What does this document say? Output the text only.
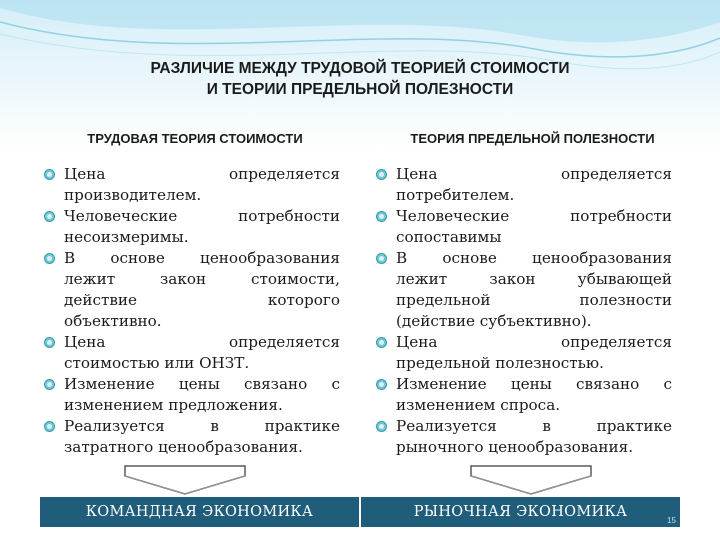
РАЗЛИЧИЕ МЕЖДУ ТРУДОВОЙ ТЕОРИЕЙ СТОИМОСТИ
И ТЕОРИИ ПРЕДЕЛЬНОЙ ПОЛЕЗНОСТИ
ТРУДОВАЯ ТЕОРИЯ СТОИМОСТИ	ТЕОРИЯ ПРЕДЕЛЬНОЙ ПОЛЕЗНОСТИ
Цена определяется
производителем.
Человеческие потребности
несоизмеримы.
В основе ценообразования
лежит закон стоимости,
действие которого
объективно.
Цена определяется
стоимостью или ОНЗТ.
Изменение цены связано с
изменением предложения.
Реализуется в практике
затратного ценообразования.
Цена определяется
потребителем.
Человеческие потребности
сопоставимы
В основе ценообразования
лежит закон убывающей
предельной полезности
(действие субъективно).
Цена определяется
предельной полезностью.
Изменение цены связано с
изменением спроса.
Реализуется в практике
рыночного ценообразования.
КОМАНДНАЯ ЭКОНОМИКА	РЫНОЧНАЯ ЭКОНОМИКА
15
